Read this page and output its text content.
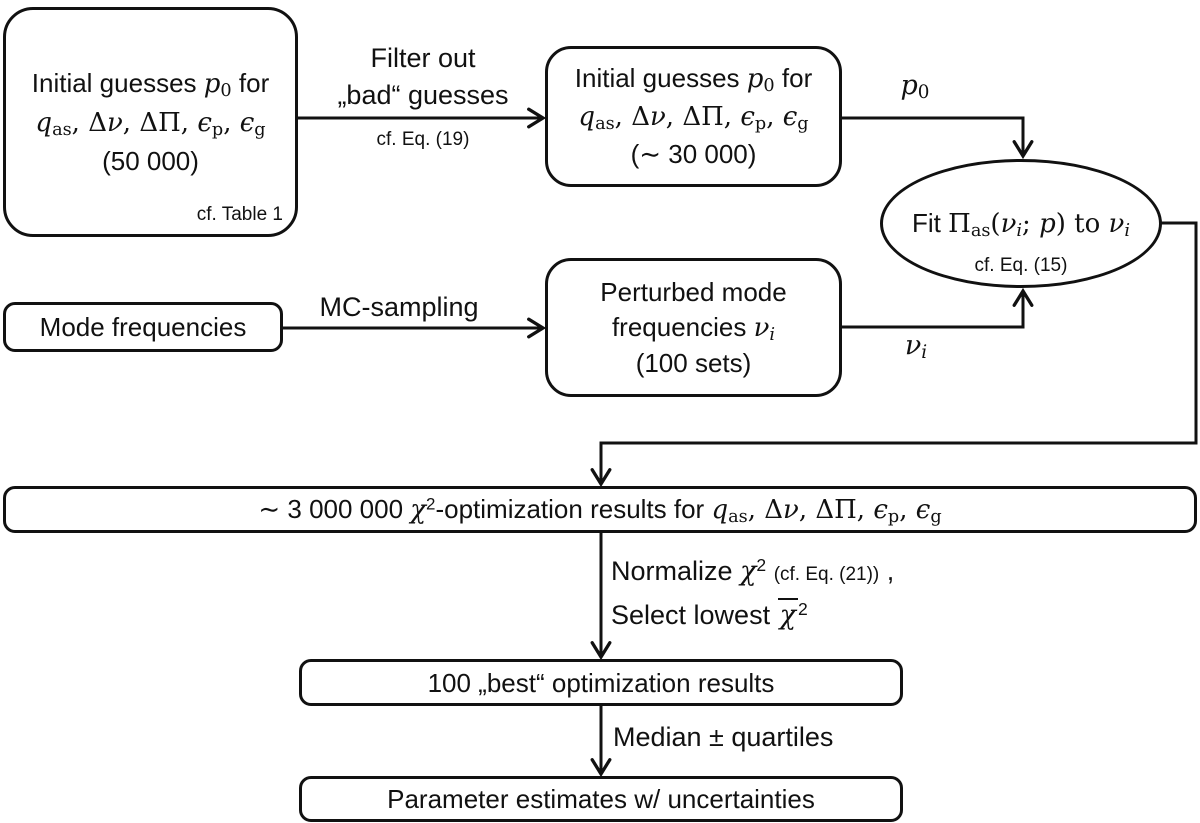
Initial guesses $p_0$ for
$q_{as}$, Δν, ΔΠ, $\epsilon_p$, $\epsilon_g$
(50 000)
cf. Table 1
Filter out
„bad“ guesses
cf. Eq. (19)
Initial guesses $p_0$ for
$q_{as}$, Δν, ΔΠ, $\epsilon_p$, $\epsilon_g$
(∼ 30 000)
$p_0$
Fit $\Pi_{as}(\nu_i$; p) to $\nu_i$
cf. Eq. (15)
Mode frequencies
MC-sampling
Perturbed mode
frequencies $\nu_i$
(100 sets)
$\nu_i$
∼ 3 000 000 $\chi^2$-optimization results for $q_{as}$, Δν, ΔΠ, $\epsilon_p$, $\epsilon_g$
Normalize $\chi^2$ (cf. Eq. (21)) ,
Select lowest χ $^2$
100 „best“ optimization results
Median ± quartiles
Parameter estimates w/ uncertainties
